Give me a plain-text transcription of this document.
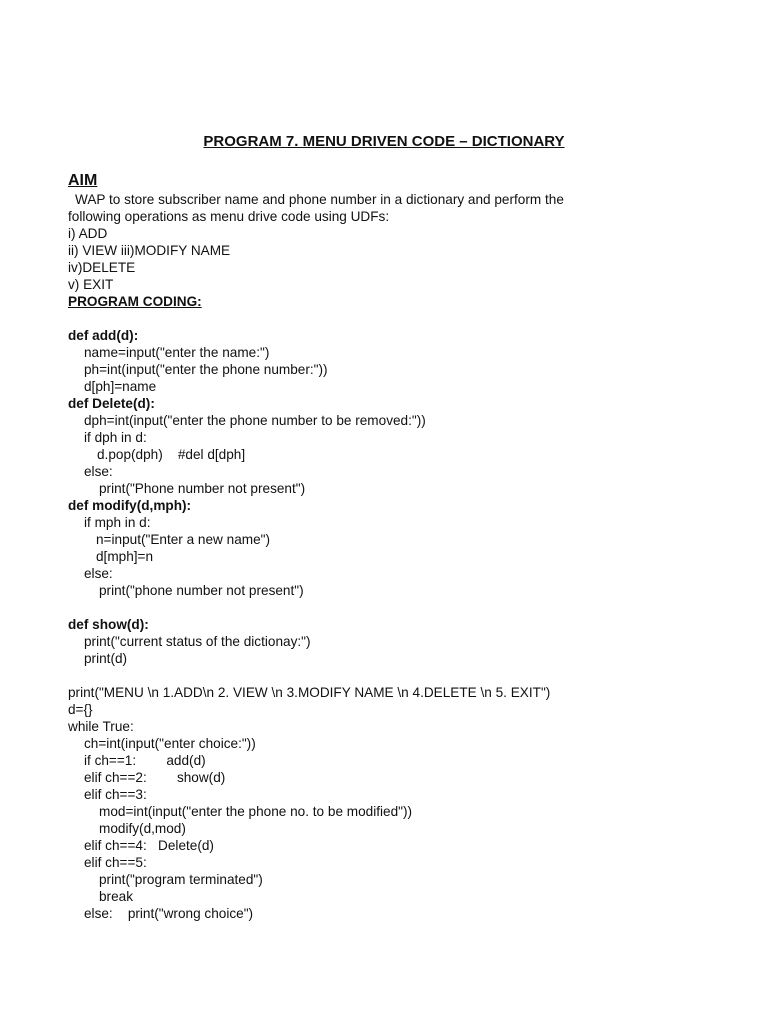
PROGRAM 7. MENU DRIVEN CODE – DICTIONARY
AIM
WAP to store subscriber name and phone number in a dictionary and perform the
following operations as menu drive code using UDFs:
i) ADD
ii) VIEW iii)MODIFY NAME
iv)DELETE
v) EXIT
PROGRAM CODING:
def add(d):
name=input("enter the name:")
ph=int(input("enter the phone number:"))
d[ph]=name
def Delete(d):
dph=int(input("enter the phone number to be removed:"))
if dph in d:
d.pop(dph)    #del d[dph]
else:
print("Phone number not present")
def modify(d,mph):
if mph in d:
n=input("Enter a new name")
d[mph]=n
else:
print("phone number not present")
def show(d):
print("current status of the dictionay:")
print(d)
print("MENU \n 1.ADD\n 2. VIEW \n 3.MODIFY NAME \n 4.DELETE \n 5. EXIT")
d={}
while True:
ch=int(input("enter choice:"))
if ch==1:        add(d)
elif ch==2:        show(d)
elif ch==3:
mod=int(input("enter the phone no. to be modified"))
modify(d,mod)
elif ch==4:   Delete(d)
elif ch==5:
print("program terminated")
break
else:    print("wrong choice")
